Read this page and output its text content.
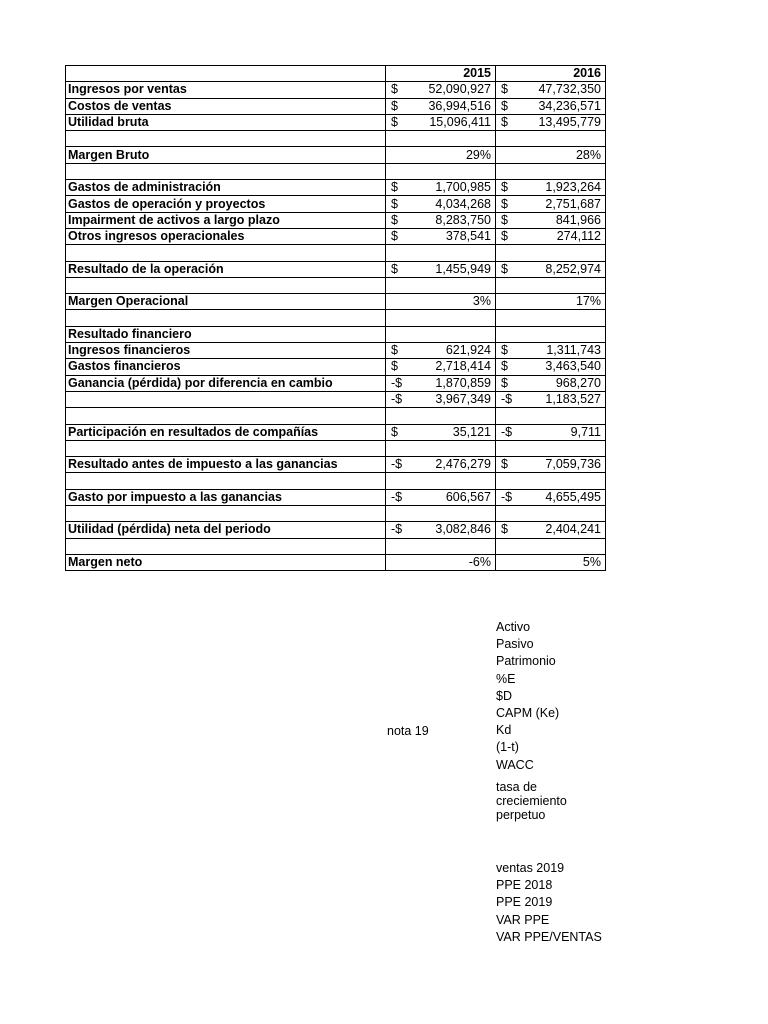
	2015	2016

Ingresos por ventas	$ 52,090,927	$ 47,732,350

Costos de ventas	$ 36,994,516	$ 34,236,571

Utilidad bruta	$ 15,096,411	$ 13,495,779

Margen Bruto	29%	28%

Gastos de administración	$ 1,700,985	$ 1,923,264

Gastos de operación y proyectos	$ 4,034,268	$ 2,751,687

Impairment de activos a largo plazo	$ 8,283,750	$ 841,966

Otros ingresos operacionales	$ 378,541	$ 274,112

Resultado de la operación	$ 1,455,949	$ 8,252,974

Margen Operacional	3%	17%

Resultado financiero		
Ingresos financieros	$ 621,924	$ 1,311,743

Gastos financieros	$ 2,718,414	$ 3,463,540

Ganancia (pérdida) por diferencia en cambio	-$ 1,870,859	$ 968,270

	-$ 3,967,349	-$ 1,183,527

Participación en resultados de compañías	$ 35,121	-$ 9,711

Resultado antes de impuesto a las ganancias	-$ 2,476,279	$ 7,059,736

Gasto por impuesto a las ganancias	-$ 606,567	-$ 4,655,495

Utilidad (pérdida) neta del periodo	-$ 3,082,846	$ 2,404,241

Margen neto	-6%	5%
nota 19
Activo
Pasivo
Patrimonio
%E
$D
CAPM (Ke)
Kd
(1-t)
WACC
tasa de creciemiento perpetuo
ventas 2019
PPE 2018
PPE 2019
VAR PPE
VAR PPE/VENTAS
